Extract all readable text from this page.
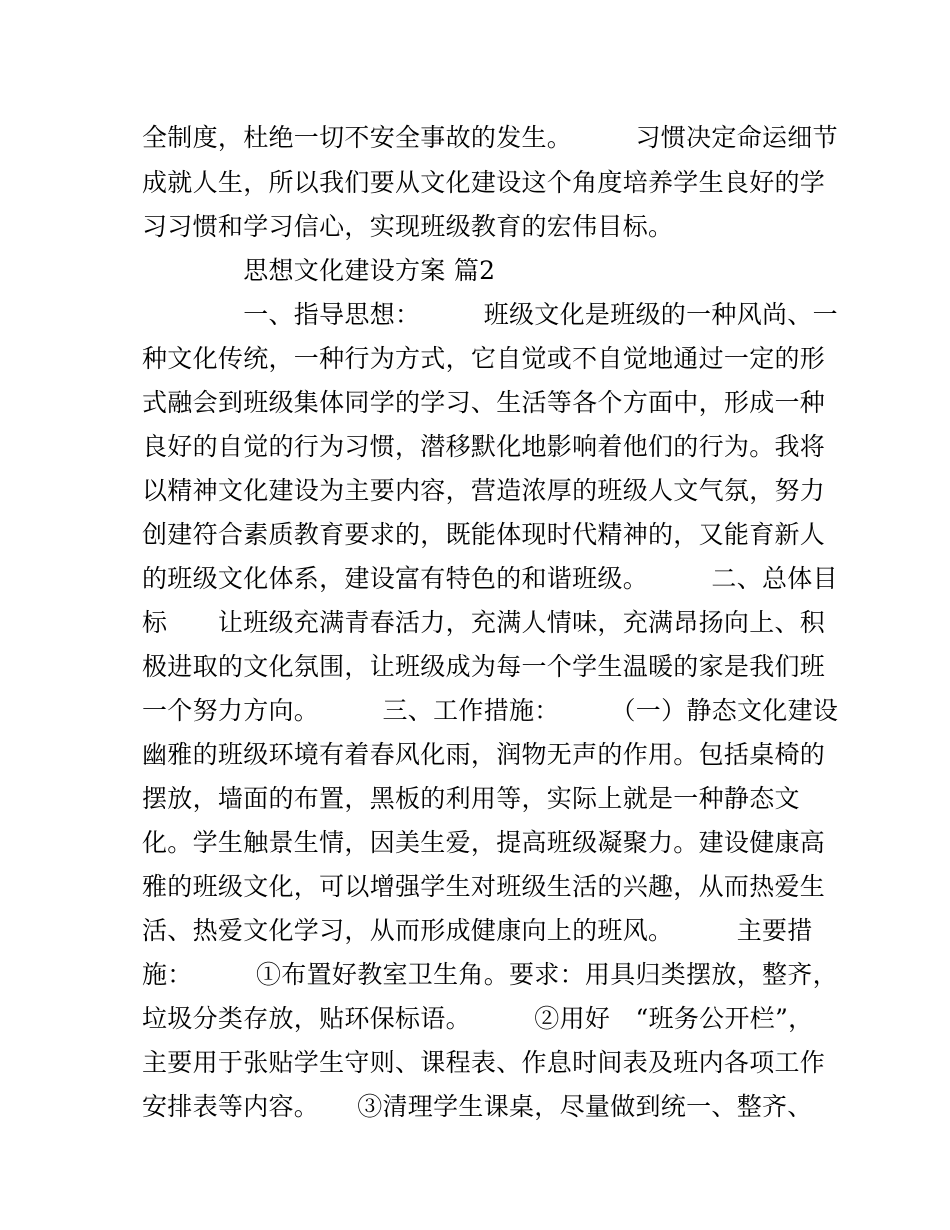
全制度，杜绝一切不安全事故的发生。　　　习惯决定命运细节
成就人生，所以我们要从文化建设这个角度培养学生良好的学
习习惯和学习信心，实现班级教育的宏伟目标。
　　　　思想文化建设方案 篇2
　　　　一、指导思想：　　　班级文化是班级的一种风尚、一
种文化传统，一种行为方式，它自觉或不自觉地通过一定的形
式融会到班级集体同学的学习、生活等各个方面中，形成一种
良好的自觉的行为习惯，潜移默化地影响着他们的行为。我将
以精神文化建设为主要内容，营造浓厚的班级人文气氛，努力
创建符合素质教育要求的，既能体现时代精神的，又能育新人
的班级文化体系，建设富有特色的和谐班级。　　　二、总体目
标　　让班级充满青春活力，充满人情味，充满昂扬向上、积
极进取的文化氛围，让班级成为每一个学生温暖的家是我们班
一个努力方向。　　　三、工作措施：　　　（一）静态文化建设
幽雅的班级环境有着春风化雨，润物无声的作用。包括桌椅的
摆放，墙面的布置，黑板的利用等，实际上就是一种静态文
化。学生触景生情，因美生爱，提高班级凝聚力。建设健康高
雅的班级文化，可以增强学生对班级生活的兴趣，从而热爱生
活、热爱文化学习，从而形成健康向上的班风。　　　主要措
施：　　　①布置好教室卫生角。要求：用具归类摆放，整齐，
垃圾分类存放，贴环保标语。　　　②用好　“班务公开栏”，
主要用于张贴学生守则、课程表、作息时间表及班内各项工作
安排表等内容。　　③清理学生课桌，尽量做到统一、整齐、
